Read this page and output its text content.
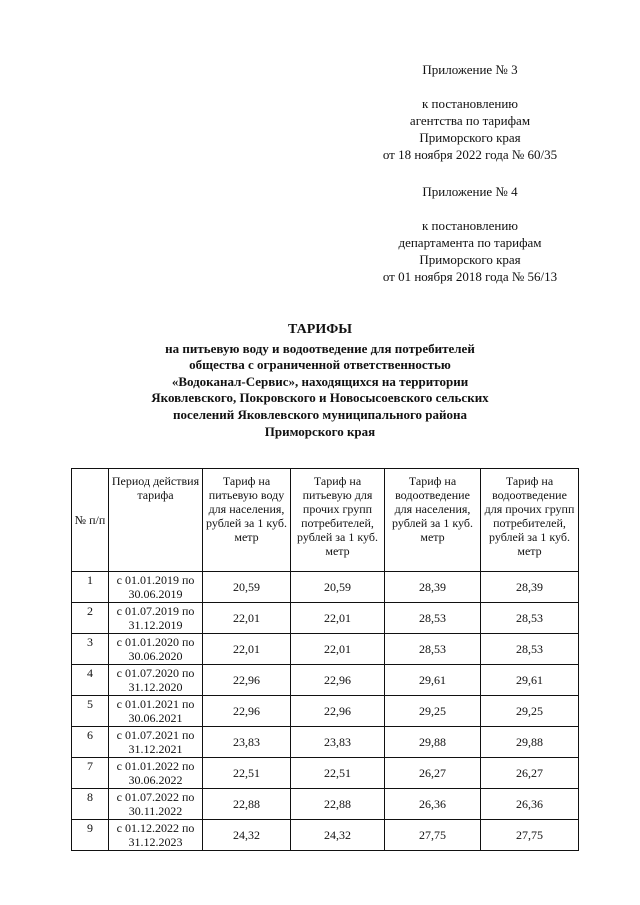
Приложение № 3
к постановлению
агентства по тарифам
Приморского края
от 18 ноября 2022 года № 60/35
Приложение № 4
к постановлению
департамента по тарифам
Приморского края
от 01 ноября 2018 года № 56/13
ТАРИФЫ
на питьевую воду и водоотведение для потребителей
общества с ограниченной ответственностью
«Водоканал-Сервис», находящихся на территории
Яковлевского, Покровского и Новосысоевского сельских
поселений Яковлевского муниципального района
Приморского края
№ п/п	Период действия тарифа	Тариф на питьевую воду для населения, рублей за 1 куб. метр	Тариф на питьевую для прочих групп потребителей, рублей за 1 куб. метр	Тариф на водоотведение для населения, рублей за 1 куб. метр	Тариф на водоотведение для прочих групп потребителей, рублей за 1 куб. метр
1	с 01.01.2019 по 30.06.2019	20,59	20,59	28,39	28,39
2	с 01.07.2019 по 31.12.2019	22,01	22,01	28,53	28,53
3	с 01.01.2020 по 30.06.2020	22,01	22,01	28,53	28,53
4	с 01.07.2020 по 31.12.2020	22,96	22,96	29,61	29,61
5	с 01.01.2021 по 30.06.2021	22,96	22,96	29,25	29,25
6	с 01.07.2021 по 31.12.2021	23,83	23,83	29,88	29,88
7	с 01.01.2022 по 30.06.2022	22,51	22,51	26,27	26,27
8	с 01.07.2022 по 30.11.2022	22,88	22,88	26,36	26,36
9	с 01.12.2022 по 31.12.2023	24,32	24,32	27,75	27,75
